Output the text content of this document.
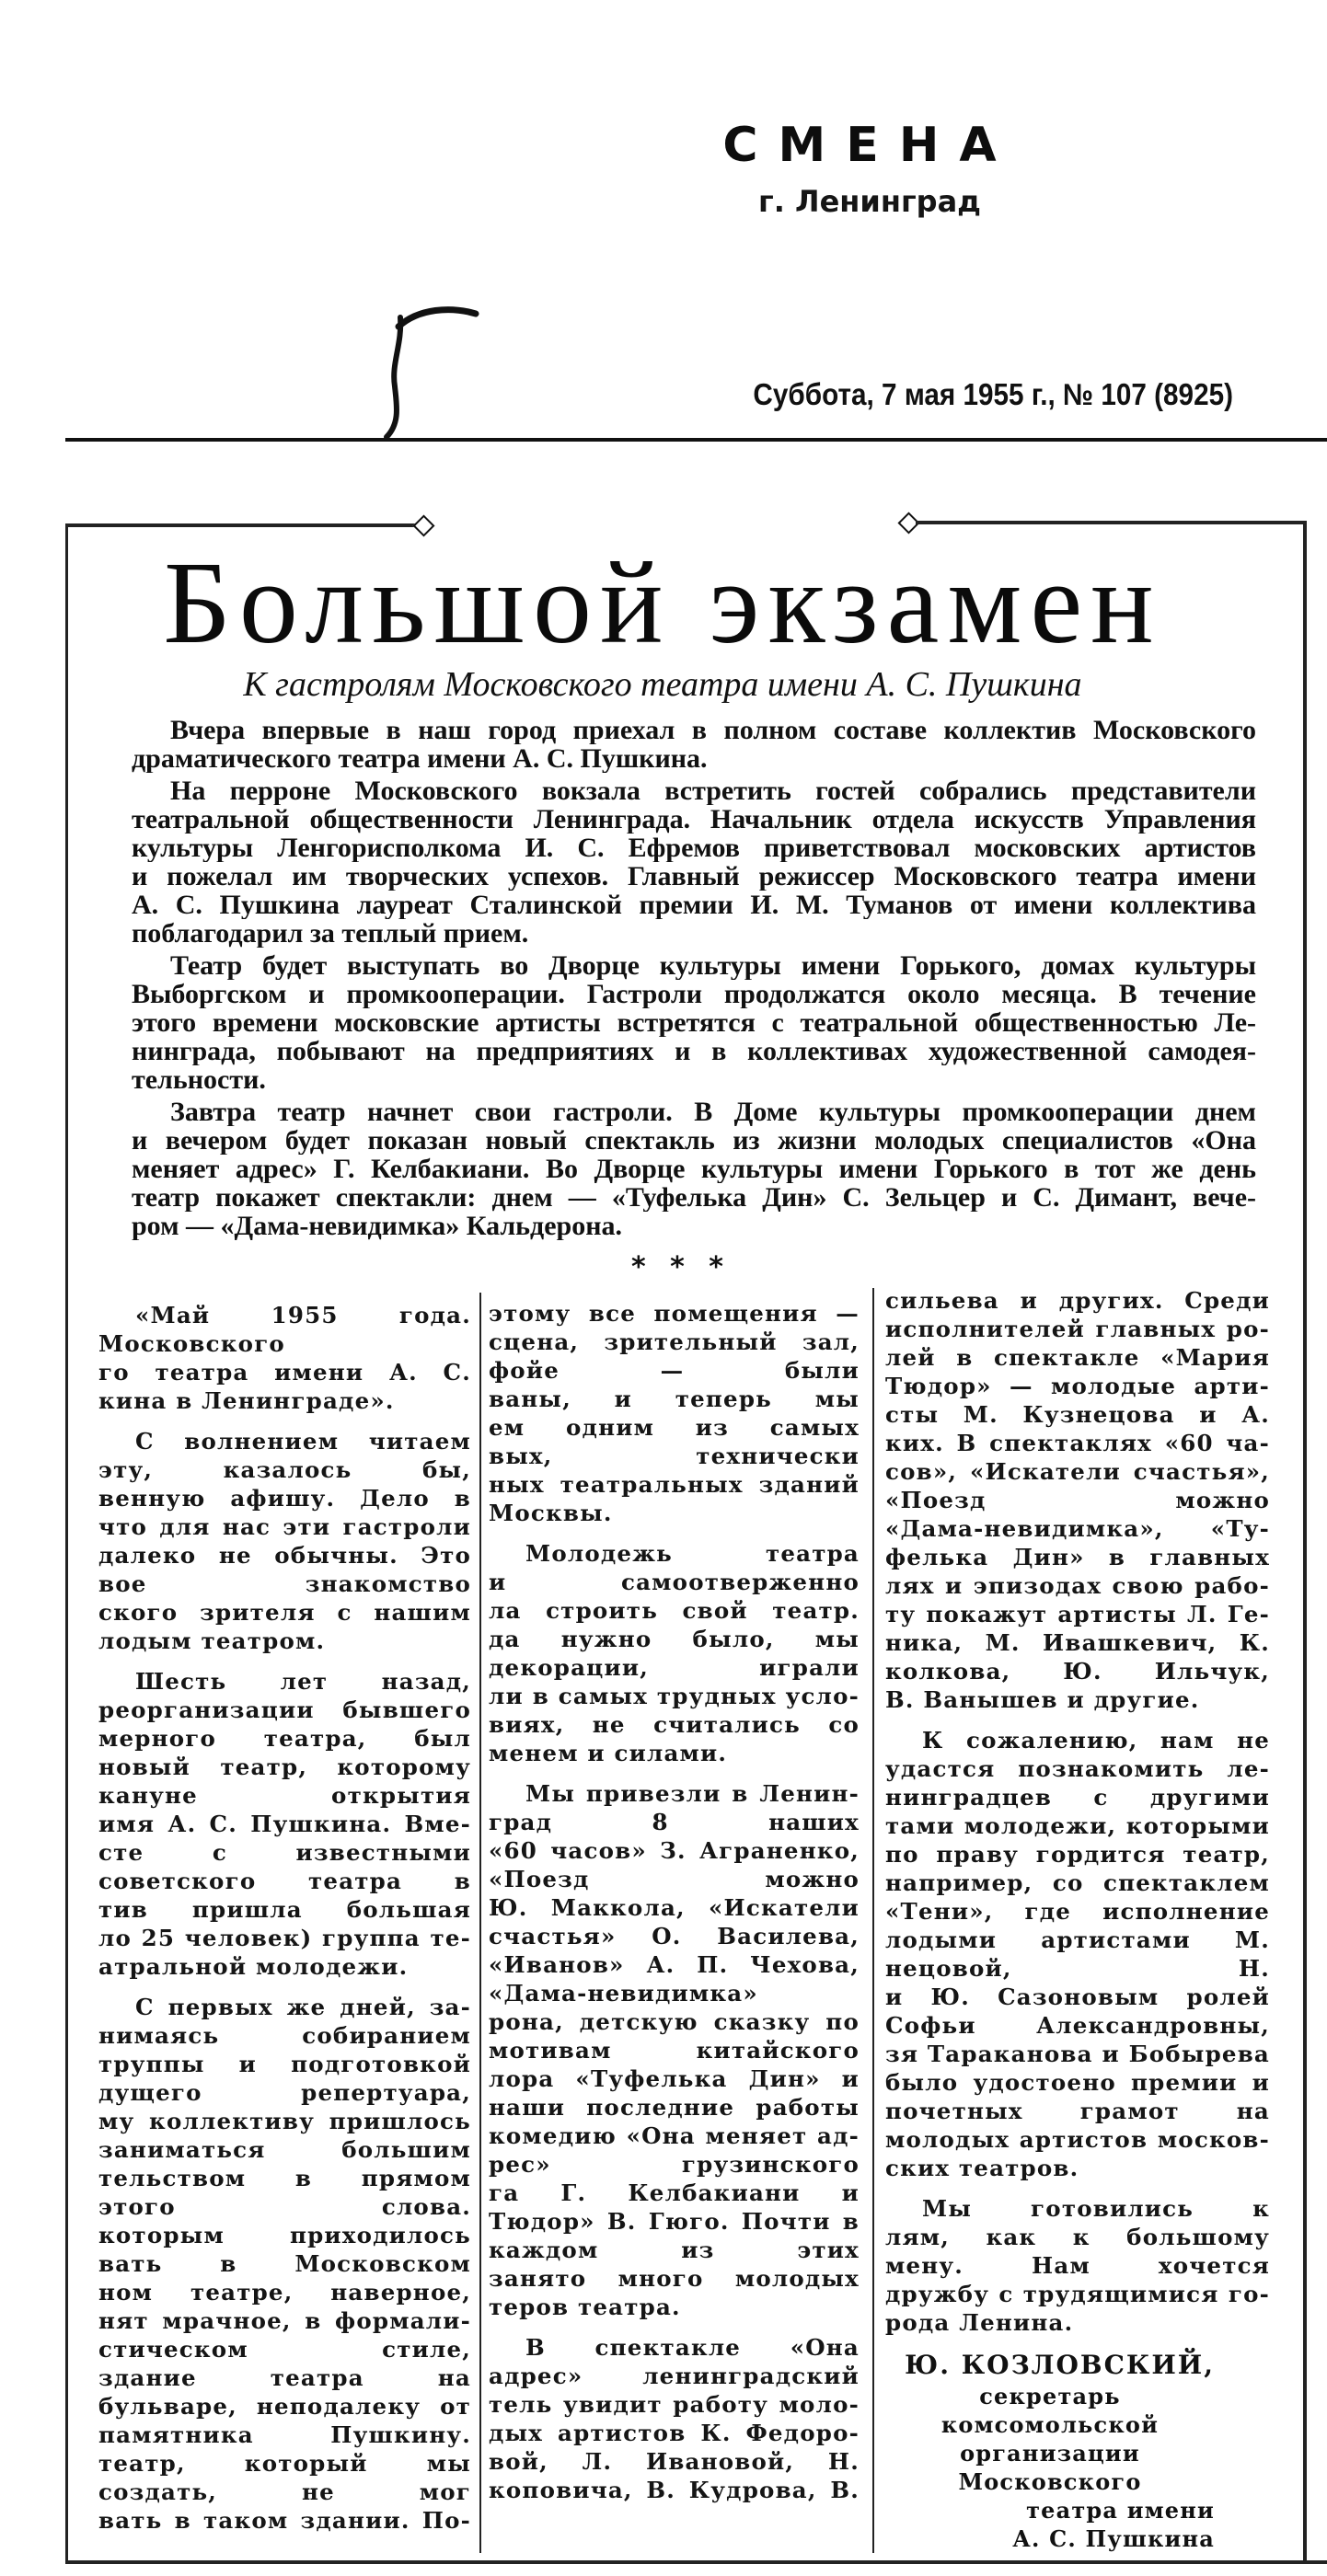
СМЕНА
г. Ленинград
Суббота, 7 мая 1955 г., № 107 (8925)
Большой экзамен
К гастролям Московского театра имени А. С. Пушкина
Вчера впервые в наш город приехал в полном составе коллектив Московского
драматического театра имени А. С. Пушкина.
На перроне Московского вокзала встретить гостей собрались представители
театральной общественности Ленинграда. Начальник отдела искусств Управления
культуры Ленгорисполкома И. С. Ефремов приветствовал московских артистов
и пожелал им творческих успехов. Главный режиссер Московского театра имени
А. С. Пушкина лауреат Сталинской премии И. М. Туманов от имени коллектива
поблагодарил за теплый прием.
Театр будет выступать во Дворце культуры имени Горького, домах культуры
Выборгском и промкооперации. Гастроли продолжатся около месяца. В течение
этого времени московские артисты встретятся с театральной общественностью Ле-
нинграда, побывают на предприятиях и в коллективах художественной самодея-
тельности.
Завтра театр начнет свои гастроли. В Доме культуры промкооперации днем
и вечером будет показан новый спектакль из жизни молодых специалистов «Она
меняет адрес» Г. Келбакиани. Во Дворце культуры имени Горького в тот же день
театр покажет спектакли: днем — «Туфелька Дин» С. Зельцер и С. Димант, вече-
ром — «Дама-невидимка» Кальдерона.
* * *
«Май 1955 года.
Московского
го театра имени А. С.
кина в Ленинграде».
С волнением читаем
эту, казалось бы,
венную афишу. Дело в
что для нас эти гастроли
далеко не обычны. Это
вое знакомство
ского зрителя с нашим
лодым театром.
Шесть лет назад,
реорганизации бывшего
мерного театра, был
новый театр, которому
кануне открытия
имя А. С. Пушкина. Вме-
сте с известными
советского театра в
тив пришла большая
ло 25 человек) группа те-
атральной молодежи.
С первых же дней, за-
нимаясь собиранием
труппы и подготовкой
дущего репертуара,
му коллективу пришлось
заниматься большим
тельством в прямом
этого слова.
которым приходилось
вать в Московском
ном театре, наверное,
нят мрачное, в формали-
стическом стиле,
здание театра на
бульваре, неподалеку от
памятника Пушкину.
театр, который мы
создать, не мог
вать в таком здании. По-
этому все помещения —
сцена, зрительный зал,
фойе — были
ваны, и теперь мы
ем одним из самых
вых, технически
ных театральных зданий
Москвы.
Молодежь театра
и самоотверженно
ла строить свой театр.
да нужно было, мы
декорации, играли
ли в самых трудных усло-
виях, не считались со
менем и силами.
Мы привезли в Ленин-
град 8 наших
«60 часов» З. Аграненко,
«Поезд можно
Ю. Маккола, «Искатели
счастья» О. Василева,
«Иванов» А. П. Чехова,
«Дама-невидимка»
рона, детскую сказку по
мотивам китайского
лора «Туфелька Дин» и
наши последние работы
комедию «Она меняет ад-
рес» грузинского
га Г. Келбакиани и
Тюдор» В. Гюго. Почти в
каждом из этих
занято много молодых
теров театра.
В спектакле «Она
адрес» ленинградский
тель увидит работу моло-
дых артистов К. Федоро-
вой, Л. Ивановой, Н.
коповича, В. Кудрова, В.
сильева и других. Среди
исполнителей главных ро-
лей в спектакле «Мария
Тюдор» — молодые арти-
сты М. Кузнецова и А.
ких. В спектаклях «60 ча-
сов», «Искатели счастья»,
«Поезд можно
«Дама-невидимка», «Ту-
фелька Дин» в главных
лях и эпизодах свою рабо-
ту покажут артисты Л. Ге-
ника, М. Ивашкевич, К.
колкова, Ю. Ильчук,
В. Ванышев и другие.
К сожалению, нам не
удастся познакомить ле-
нинградцев с другими
тами молодежи, которыми
по праву гордится театр,
например, со спектаклем
«Тени», где исполнение
лодыми артистами М.
нецовой, Н.
и Ю. Сазоновым ролей
Софьи Александровны,
зя Тараканова и Бобырева
было удостоено премии и
почетных грамот на
молодых артистов москов-
ских театров.
Мы готовились к
лям, как к большому
мену. Нам хочется
дружбу с трудящимися го-
рода Ленина.
Ю. КОЗЛОВСКИЙ,
секретарь комсомольской
организации Московского
театра имени
А. С. Пушкина
